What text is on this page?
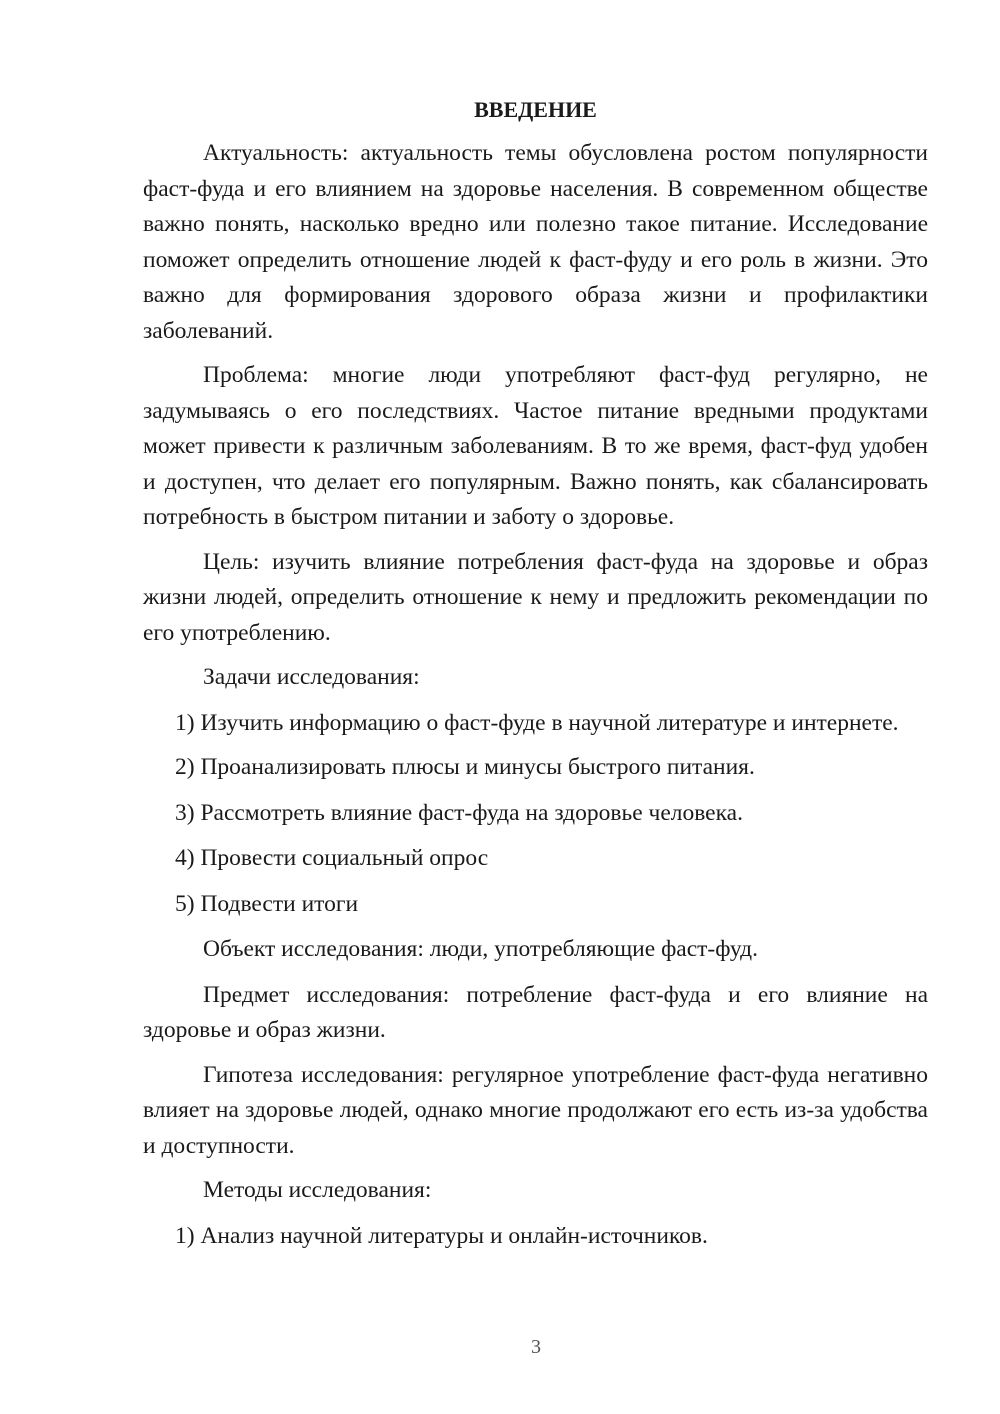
ВВЕДЕНИЕ

Актуальность: актуальность темы обусловлена ростом популярности фаст-фуда и его влиянием на здоровье населения. В современном обществе важно понять, насколько вредно или полезно такое питание. Исследование поможет определить отношение людей к фаст-фуду и его роль в жизни. Это важно для формирования здорового образа жизни и профилактики заболеваний.

Проблема: многие люди употребляют фаст-фуд регулярно, не задумываясь о его последствиях. Частое питание вредными продуктами может привести к различным заболеваниям. В то же время, фаст-фуд удобен и доступен, что делает его популярным. Важно понять, как сбалансировать потребность в быстром питании и заботу о здоровье.

Цель: изучить влияние потребления фаст-фуда на здоровье и образ жизни людей, определить отношение к нему и предложить рекомендации по его употреблению.

Задачи исследования:

1) Изучить информацию о фаст-фуде в научной литературе и интернете.

2) Проанализировать плюсы и минусы быстрого питания.

3) Рассмотреть влияние фаст-фуда на здоровье человека.

4) Провести социальный опрос

5) Подвести итоги

Объект исследования: люди, употребляющие фаст-фуд.

Предмет исследования: потребление фаст-фуда и его влияние на здоровье и образ жизни.

Гипотеза исследования: регулярное употребление фаст-фуда негативно влияет на здоровье людей, однако многие продолжают его есть из-за удобства и доступности.

Методы исследования:

1) Анализ научной литературы и онлайн-источников.

3
